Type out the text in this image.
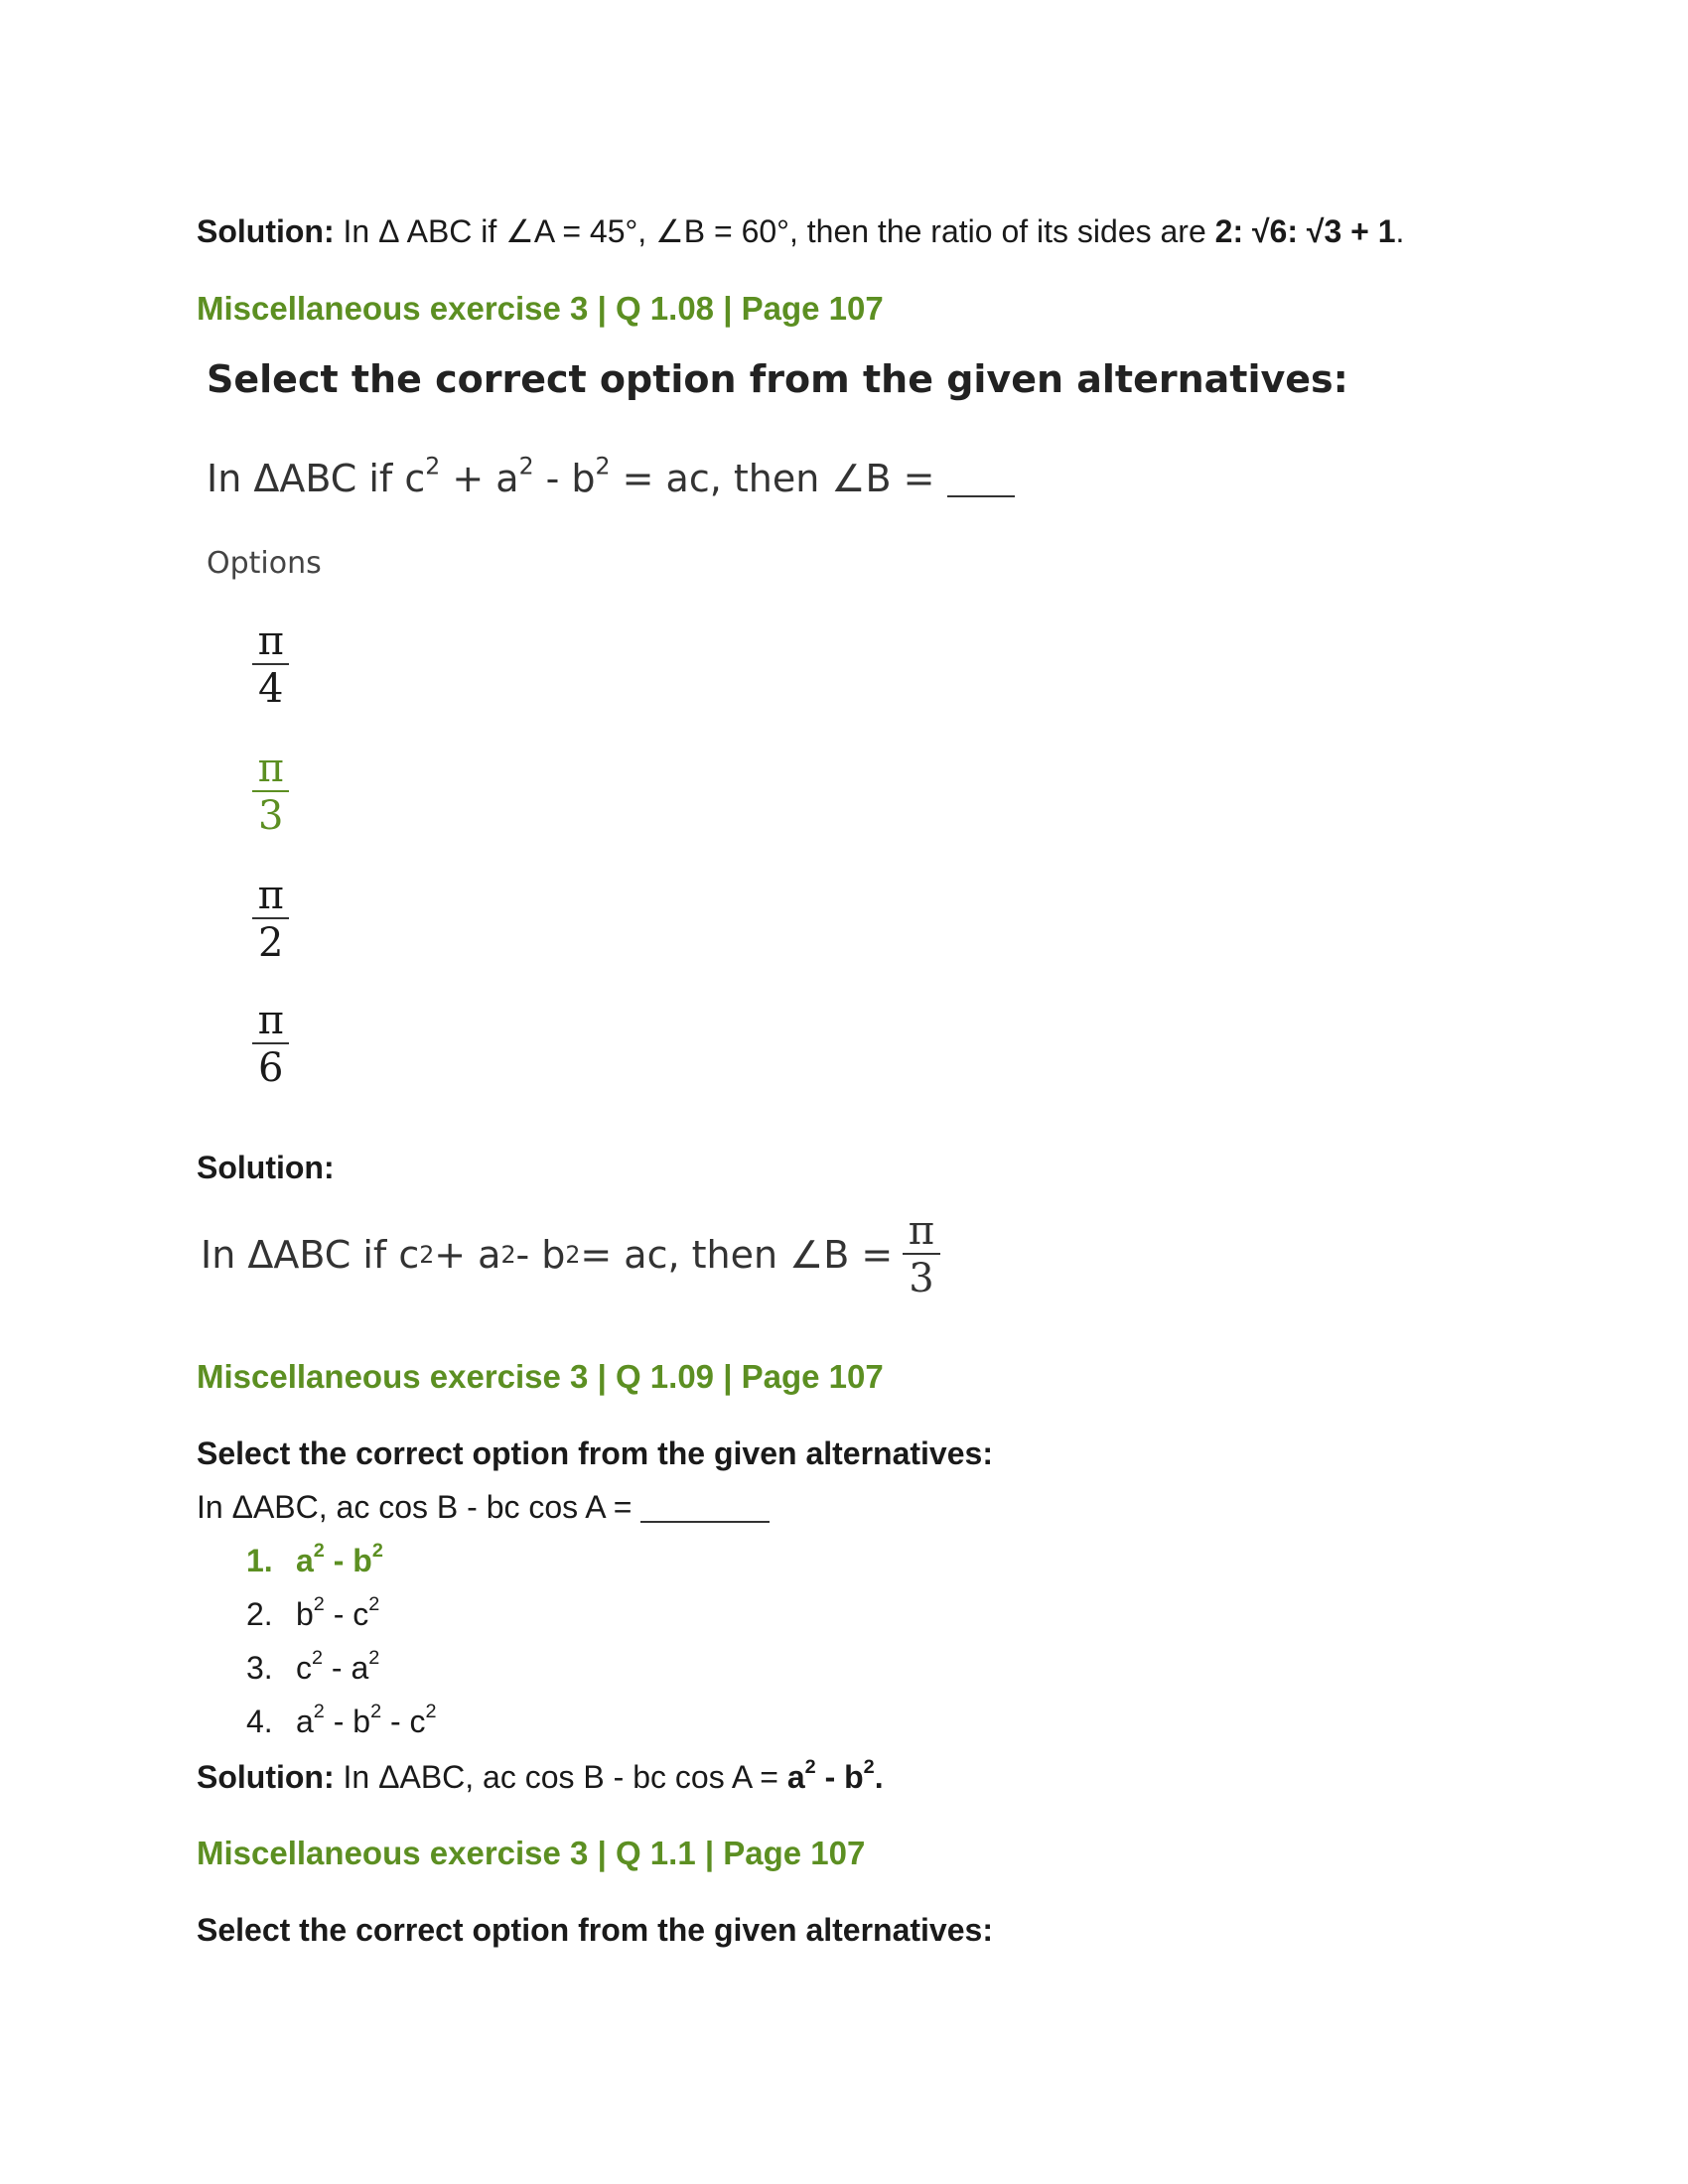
Solution: In Δ ABC if ∠A = 45°, ∠B = 60°, then the ratio of its sides are 2: √6: √3 + 1.
Miscellaneous exercise 3 | Q 1.08 | Page 107
Select the correct option from the given alternatives:
In ΔABC if $c^2 + a^2 - b^2$ = ac, then ∠B =
Options
$\frac{\pi}{4}$
$\frac{\pi}{3}$
$\frac{\pi}{2}$
$\frac{\pi}{6}$
Solution:
In ΔABC if c 2 + a 2 - b 2 = ac, then ∠B = $\frac{\pi}{3}$
Miscellaneous exercise 3 | Q 1.09 | Page 107
Select the correct option from the given alternatives:
In ΔABC, ac cos B - bc cos A =
1. $a^2 - b^2$
2. $b^2 - c^2$
3. $c^2 - a^2$
4. $a^2 - b^2 - c^2$
Solution: In ΔABC, ac cos B - bc $\cos A = a^2 - b^2$.
Miscellaneous exercise 3 | Q 1.1 | Page 107
Select the correct option from the given alternatives:
